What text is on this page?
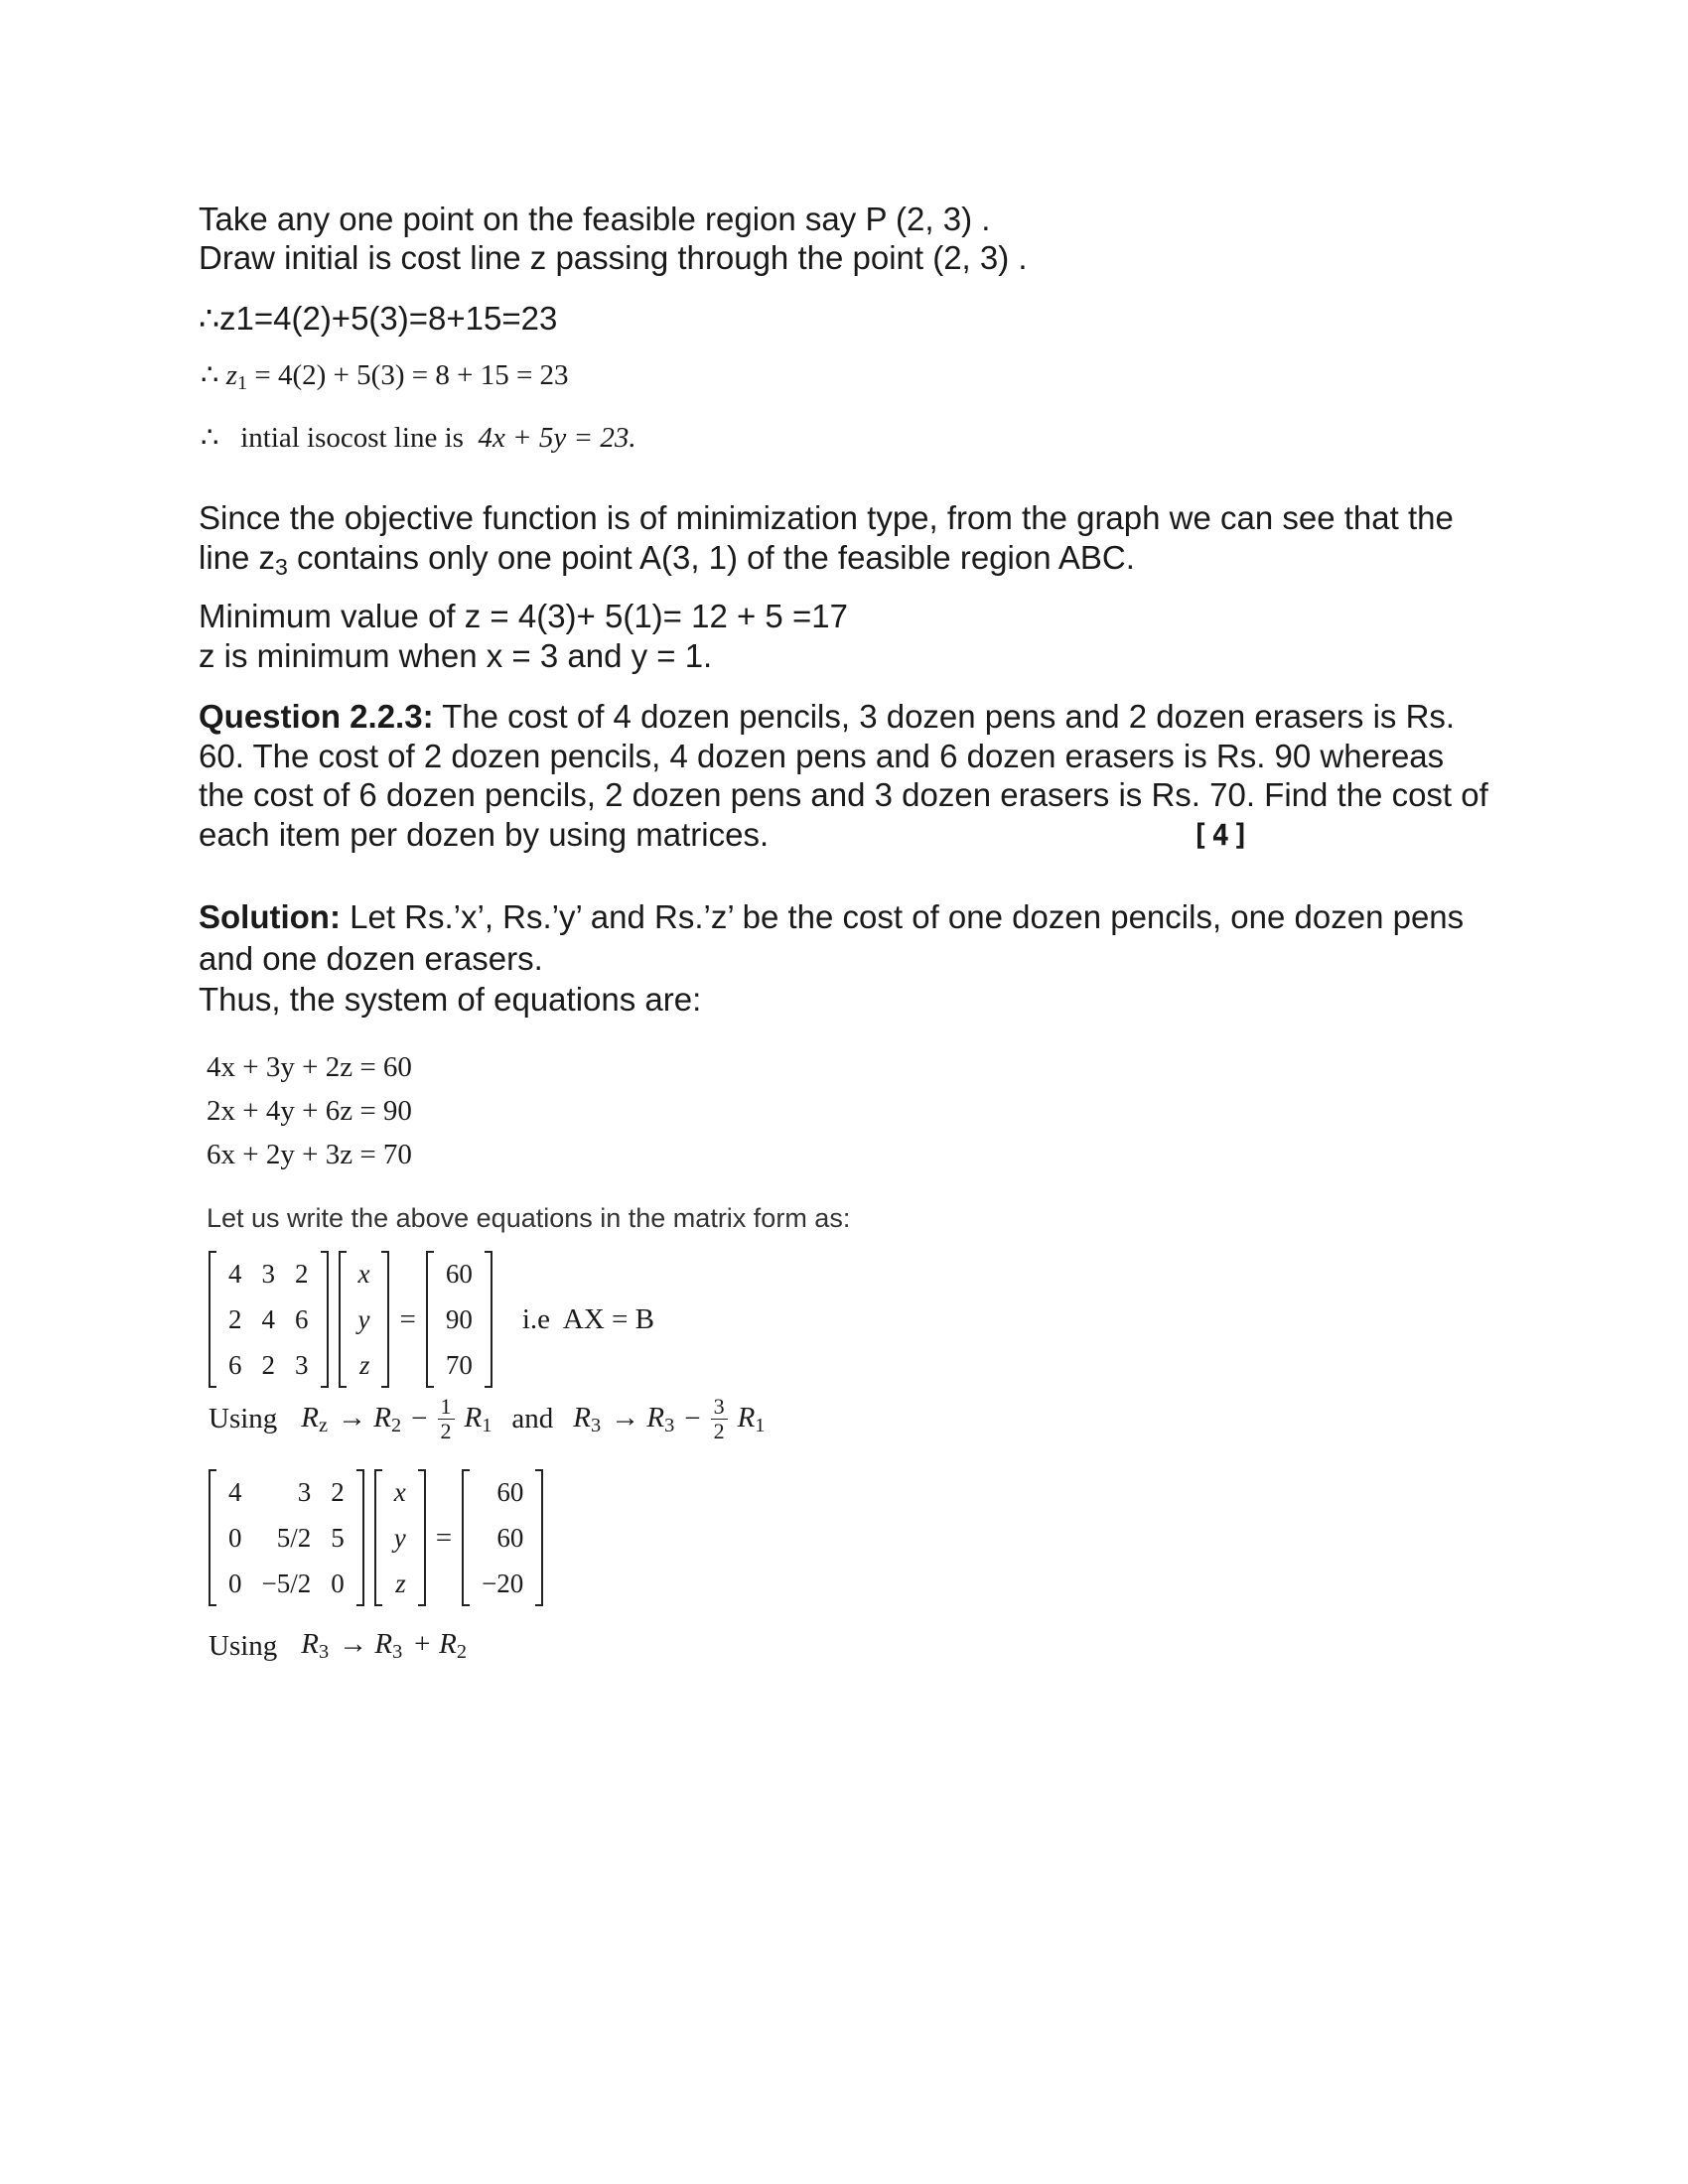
Take any one point on the feasible region say P (2, 3) .
Draw initial is cost line z passing through the point (2, 3) .
∴z1=4(2)+5(3)=8+15=23
∴ $z_1 = 4(2) + 5(3) = 8 + 15 = 23$
∴   intial isocost line is 4x + 5y = 23.
Since the objective function is of minimization type, from the graph we can see that the
line $z_3$ contains only one point A(3, 1) of the feasible region ABC.
Minimum value of z = 4(3)+ 5(1)= 12 + 5 =17
z is minimum when x = 3 and y = 1.
Question 2.2.3: The cost of 4 dozen pencils, 3 dozen pens and 2 dozen erasers is Rs.
60. The cost of 2 dozen pencils, 4 dozen pens and 6 dozen erasers is Rs. 90 whereas
the cost of 6 dozen pencils, 2 dozen pens and 3 dozen erasers is Rs. 70. Find the cost of
each item per dozen by using matrices.	[4]
Solution: Let Rs.’x’, Rs.’y’ and Rs.’z’ be the cost of one dozen pencils, one dozen pens
and one dozen erasers.
Thus, the system of equations are:
4x + 3y + 2z = 60
2x + 4y + 6z = 90
6x + 2y + 3z = 70
Let us write the above equations in the matrix form as:
4	3	2
2	4	6
6	2	3
x
y
z
=
60
90
70
i.e  AX = B
Using $R_z \to R_2 - \frac{1}{2} R_1$ and $R_3 \to R_3 - \frac{3}{2} R_1$
4	3	2
0	5/2	5
0	−5/2	0
x
y
z
=
60
60
−20
Using $R_3 \to R_3 + R_2$
